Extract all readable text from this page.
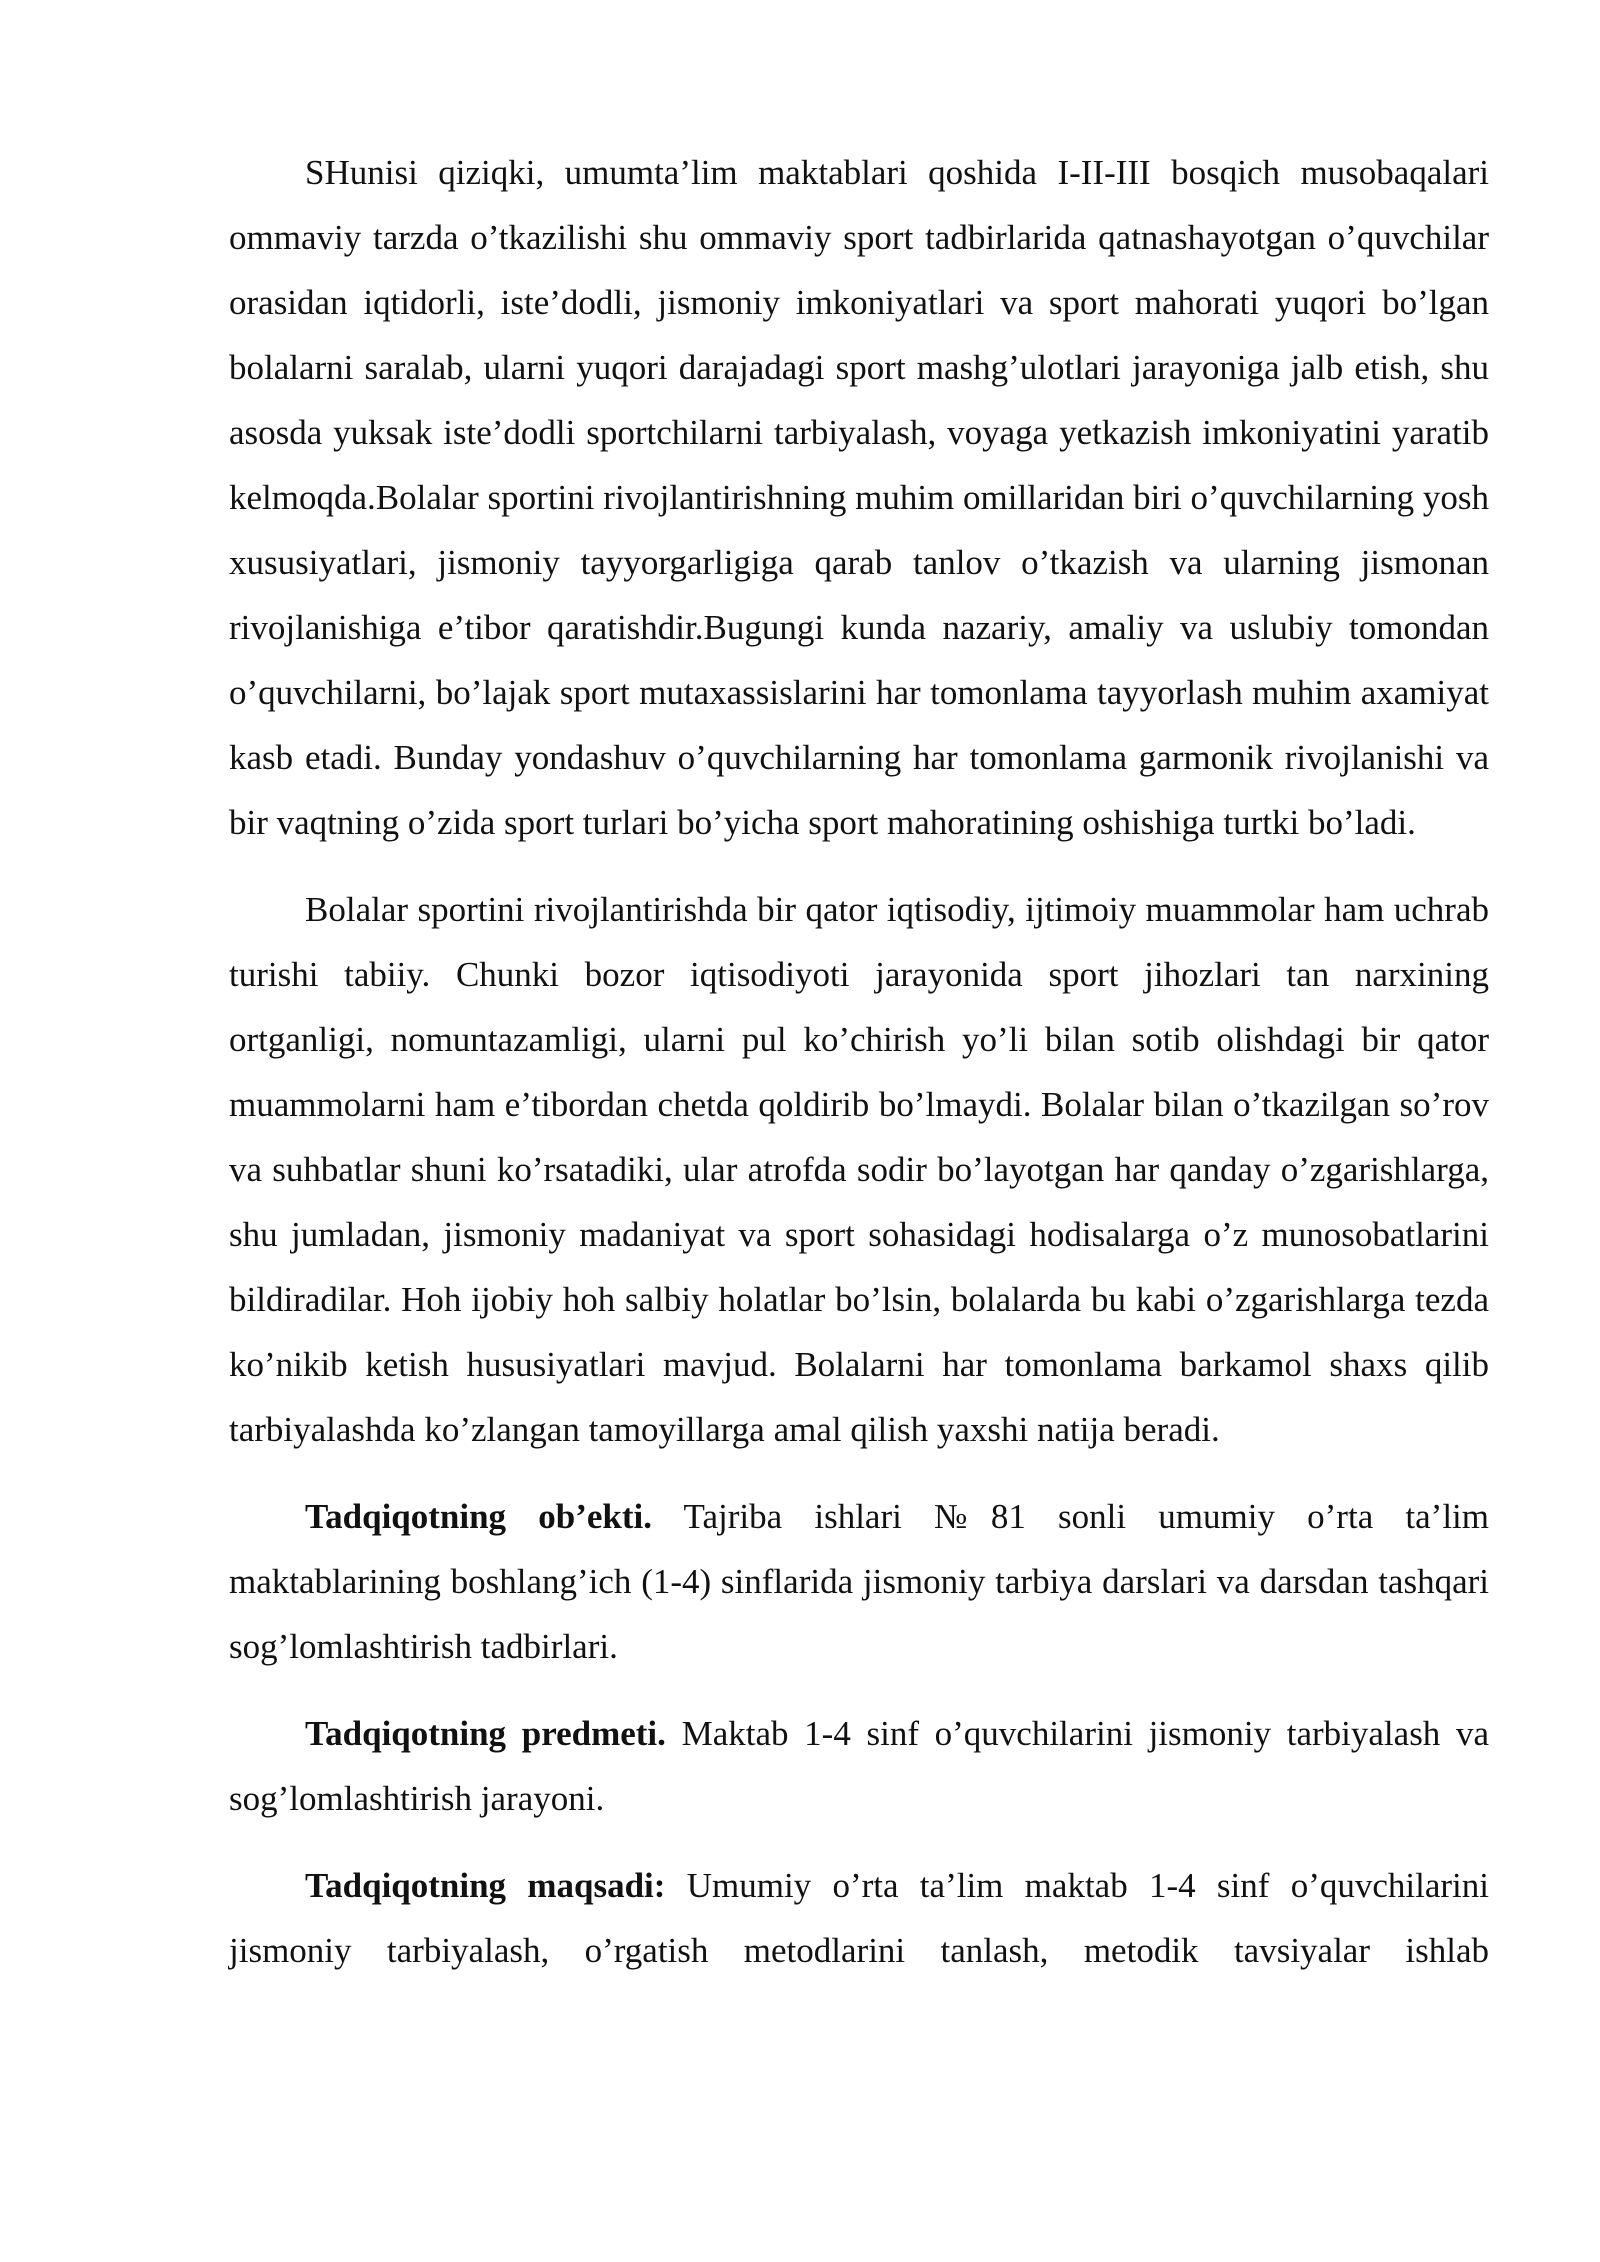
SHunisi qiziqki, umumta’lim maktablari qoshida I-II-III bosqich musobaqalari ommaviy tarzda o’tkazilishi shu ommaviy sport tadbirlarida qatnashayotgan o’quvchilar orasidan iqtidorli, iste’dodli, jismoniy imkoniyatlari va sport mahorati yuqori bo’lgan bolalarni saralab, ularni yuqori darajadagi sport mashg’ulotlari jarayoniga jalb etish, shu asosda yuksak iste’dodli sportchilarni tarbiyalash, voyaga yetkazish imkoniyatini yaratib kelmoqda.Bolalar sportini rivojlantirishning muhim omillaridan biri o’quvchilarning yosh xususiyatlari, jismoniy tayyorgarligiga qarab tanlov o’tkazish va ularning jismonan rivojlanishiga e’tibor qaratishdir.Bugungi kunda nazariy, amaliy va uslubiy tomondan o’quvchilarni, bo’lajak sport mutaxassislarini har tomonlama tayyorlash muhim axamiyat kasb etadi. Bunday yondashuv o’quvchilarning har tomonlama garmonik rivojlanishi va bir vaqtning o’zida sport turlari bo’yicha sport mahoratining oshishiga turtki bo’ladi.

Bolalar sportini rivojlantirishda bir qator iqtisodiy, ijtimoiy muammolar ham uchrab turishi tabiiy. Chunki bozor iqtisodiyoti jarayonida sport jihozlari tan narxining ortganligi, nomuntazamligi, ularni pul ko’chirish yo’li bilan sotib olishdagi bir qator muammolarni ham e’tibordan chetda qoldirib bo’lmaydi. Bolalar bilan o’tkazilgan so’rov va suhbatlar shuni ko’rsatadiki, ular atrofda sodir bo’layotgan har qanday o’zgarishlarga, shu jumladan, jismoniy madaniyat va sport sohasidagi hodisalarga o’z munosobatlarini bildiradilar. Hoh ijobiy hoh salbiy holatlar bo’lsin, bolalarda bu kabi o’zgarishlarga tezda ko’nikib ketish hususiyatlari mavjud. Bolalarni har tomonlama barkamol shaxs qilib tarbiyalashda ko’zlangan tamoyillarga amal qilish yaxshi natija beradi.

Tadqiqotning ob’ekti. Tajriba ishlari №81 sonli umumiy o’rta ta’lim maktablarining boshlang’ich (1-4) sinflarida jismoniy tarbiya darslari va darsdan tashqari sog’lomlashtirish tadbirlari.

Tadqiqotning predmeti. Maktab 1-4 sinf o’quvchilarini jismoniy tarbiyalash va sog’lomlashtirish jarayoni.

Tadqiqotning maqsadi: Umumiy o’rta ta’lim maktab 1-4 sinf o’quvchilarini jismoniy tarbiyalash, o’rgatish metodlarini tanlash, metodik tavsiyalar ishlab
